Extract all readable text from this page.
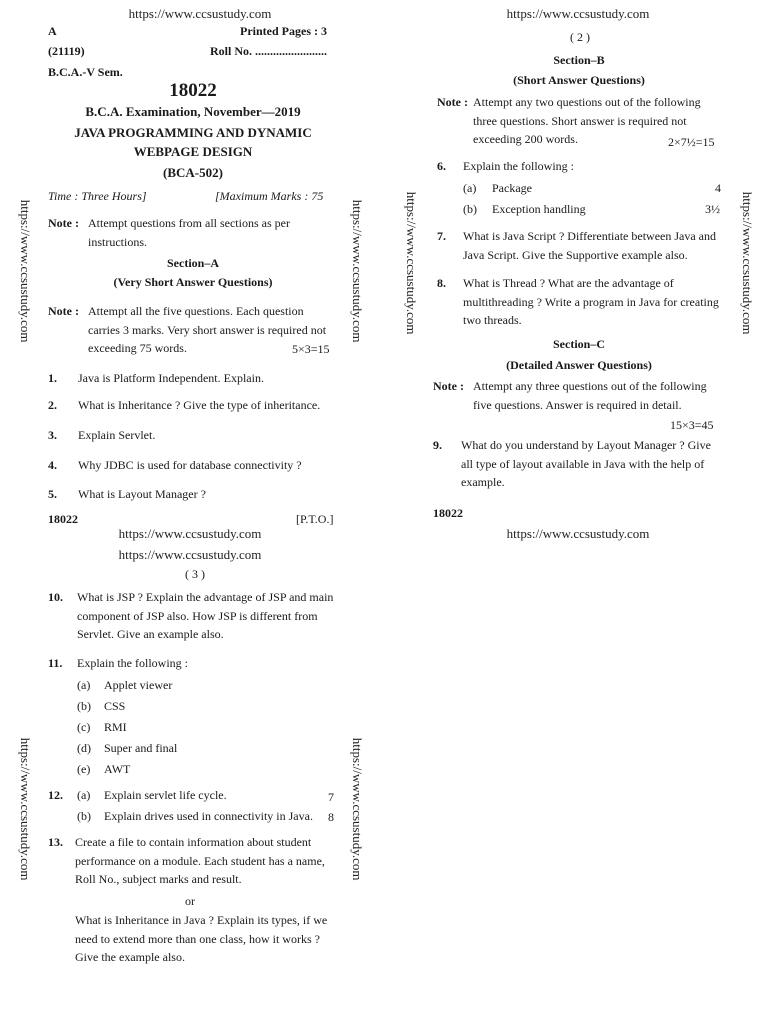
https://www.ccsustudy.com
A	Printed Pages : 3
(21119)	Roll No. ........................
B.C.A.-V Sem.
18022
B.C.A. Examination, November—2019
JAVA PROGRAMMING AND DYNAMIC
WEBPAGE DESIGN
(BCA-502)
Time : Three Hours]	[Maximum Marks : 75
Note : Attempt questions from all sections as per instructions.
Section–A
(Very Short Answer Questions)
Note : Attempt all the five questions. Each question carries 3 marks. Very short answer is required not exceeding 75 words.	5×3=15
1. Java is Platform Independent. Explain.
2. What is Inheritance ? Give the type of inheritance.
3. Explain Servlet.
4. Why JDBC is used for database connectivity ?
5. What is Layout Manager ?
18022	[P.T.O.]
https://www.ccsustudy.com
https://www.ccsustudy.com	https://www.ccsustudy.com
https://www.ccsustudy.com
( 2 )
Section–B
(Short Answer Questions)
Note : Attempt any two questions out of the following three questions. Short answer is required not exceeding 200 words.	2×7½=15
6. Explain the following :
(a) Package	4
(b) Exception handling	3½
7. What is Java Script ? Differentiate between Java and Java Script. Give the Supportive example also.
8. What is Thread ? What are the advantage of multithreading ? Write a program in Java for creating two threads.
Section–C
(Detailed Answer Questions)
Note : Attempt any three questions out of the following five questions. Answer is required in detail.
15×3=45
9. What do you understand by Layout Manager ? Give all type of layout available in Java with the help of example.
18022
https://www.ccsustudy.com
https://www.ccsustudy.com	https://www.ccsustudy.com
https://www.ccsustudy.com
( 3 )
10. What is JSP ? Explain the advantage of JSP and main component of JSP also. How JSP is different from Servlet. Give an example also.
11. Explain the following :
(a) Applet viewer
(b) CSS
(c) RMI
(d) Super and final
(e) AWT
12. (a) Explain servlet life cycle.	7
(b) Explain drives used in connectivity in Java. 8
13. Create a file to contain information about student performance on a module. Each student has a name, Roll No., subject marks and result.
or
What is Inheritance in Java ? Explain its types, if we need to extend more than one class, how it works ? Give the example also.
https://www.ccsustudy.com	https://www.ccsustudy.com
